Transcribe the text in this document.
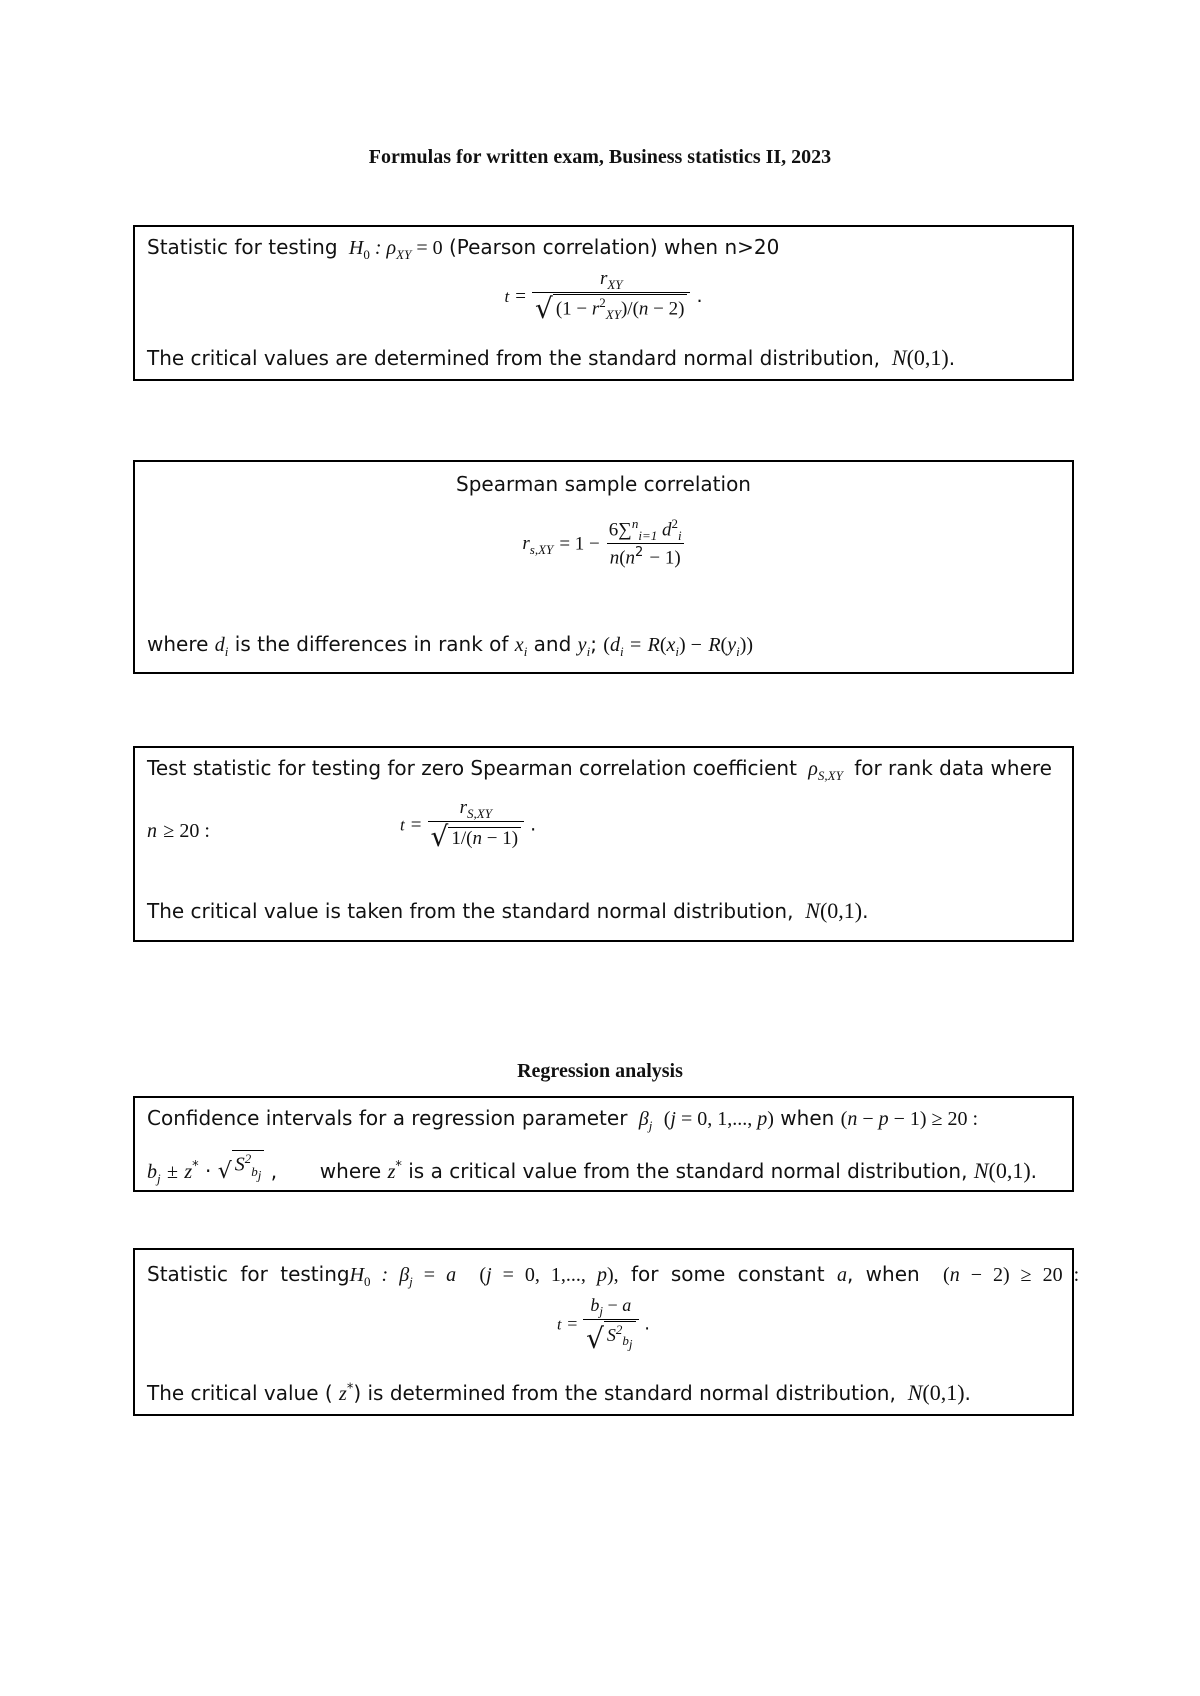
Formulas for written exam, Business statistics II, 2023
Statistic for testing  $H_0$ : $\rho_{XY} = 0$ (Pearson correlation) when n>20
$t = \frac{r_{XY}}{√ (1 - r^2_{XY})/(n - 2)}$ .
The critical values are determined from the standard normal distribution,  N(0,1).
Spearman sample correlation
$r_{s,XY} = 1 - \frac{6\sum^n_{i=1} d^2_i}{n(n^2 - 1)}$
where $d_i$ is the differences in rank of $x_i$ and $y_i$; $(d_i = R(x_i) - R(y_i))$
Test statistic for testing for zero Spearman correlation coefficient  $\rho_{S,XY}$ for rank data where
n ≥ 20 :	$t = \frac{r_{S,XY}}{√ 1/(n - 1)}$ .
The critical value is taken from the standard normal distribution,  N(0,1).
Regression analysis
Confidence intervals for a regression parameter  $\beta_j$  (j = 0, 1,..., p) when (n − p − 1) ≥ 20 :
$b_j \pm z^*$ · √ $S^2_{b_j}$ ,  where z* is a critical value from the standard normal distribution, N(0,1).
Statistic for testingH$_0$ : $\beta_j = a$  (j = 0, 1,..., p), for some constant a, when  (n − 2) ≥ 20 :
$t = \frac{b_j - a}{√ S^2_{b_j}}$ .
The critical value ( z*) is determined from the standard normal distribution,  N(0,1).
